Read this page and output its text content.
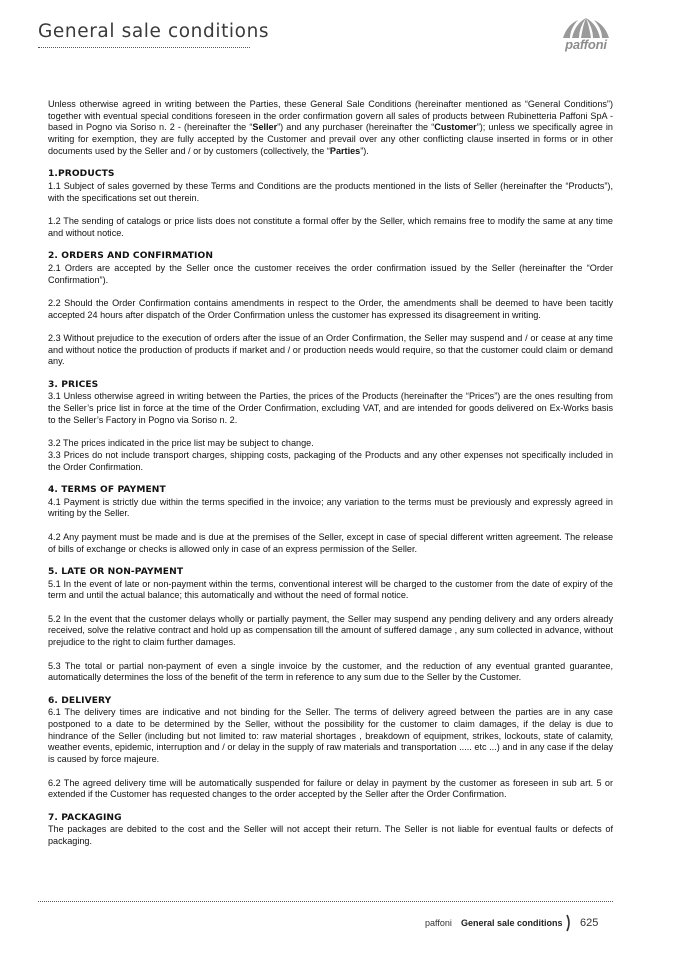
General sale conditions
paffoni

Unless otherwise agreed in writing between the Parties, these General Sale Conditions (hereinafter mentioned as “General Conditions”) together with eventual special conditions foreseen in the order confirmation govern all sales of products between Rubinetteria Paffoni SpA - based in Pogno via Soriso n. 2 - (hereinafter the “Seller”) and any purchaser (hereinafter the “Customer”); unless we specifically agree in writing for exemption, they are fully accepted by the Customer and prevail over any other conflicting clause inserted in forms or in other documents used by the Seller and / or by customers (collectively, the “Parties”).

1.PRODUCTS

1.1 Subject of sales governed by these Terms and Conditions are the products mentioned in the lists of Seller (hereinafter the “Products”), with the specifications set out therein.

1.2 The sending of catalogs or price lists does not constitute a formal offer by the Seller, which remains free to modify the same at any time and without notice.

2. ORDERS AND CONFIRMATION

2.1 Orders are accepted by the Seller once the customer receives the order confirmation issued by the Seller (hereinafter the “Order Confirmation”).

2.2 Should the Order Confirmation contains amendments in respect to the Order, the amendments shall be deemed to have been tacitly accepted 24 hours after dispatch of the Order Confirmation unless the customer has expressed its disagreement in writing.

2.3 Without prejudice to the execution of orders after the issue of an Order Confirmation, the Seller may suspend and / or cease at any time and without notice the production of products if market and / or production needs would require, so that the customer could claim or demand any.

3. PRICES

3.1 Unless otherwise agreed in writing between the Parties, the prices of the Products (hereinafter the “Prices”) are the ones resulting from the Seller’s price list in force at the time of the Order Confirmation, excluding VAT, and are intended for goods delivered on Ex-Works basis to the Seller’s Factory in Pogno via Soriso n. 2.

3.2 The prices indicated in the price list may be subject to change.

3.3 Prices do not include transport charges, shipping costs, packaging of the Products and any other expenses not specifically included in the Order Confirmation.

4. TERMS OF PAYMENT

4.1 Payment is strictly due within the terms specified in the invoice; any variation to the terms must be previously and expressly agreed in writing by the Seller.

4.2 Any payment must be made and is due at the premises of the Seller, except in case of special different written agreement. The release of bills of exchange or checks is allowed only in case of an express permission of the Seller.

5. LATE OR NON-PAYMENT

5.1 In the event of late or non-payment within the terms, conventional interest will be charged to the customer from the date of expiry of the term and until the actual balance; this automatically and without the need of formal notice.

5.2 In the event that the customer delays wholly or partially payment, the Seller may suspend any pending delivery and any orders already received, solve the relative contract and hold up as compensation till the amount of suffered damage , any sum collected in advance, without prejudice to the right to claim further damages.

5.3 The total or partial non-payment of even a single invoice by the customer, and the reduction of any eventual granted guarantee, automatically determines the loss of the benefit of the term in reference to any sum due to the Seller by the Customer.

6. DELIVERY

6.1 The delivery times are indicative and not binding for the Seller. The terms of delivery agreed between the parties are in any case postponed to a date to be determined by the Seller, without the possibility for the customer to claim damages, if the delay is due to hindrance of the Seller (including but not limited to: raw material shortages , breakdown of equipment, strikes, lockouts, state of calamity, weather events, epidemic, interruption and / or delay in the supply of raw materials and transportation ..... etc ...) and in any case if the delay is caused by force majeure.

6.2 The agreed delivery time will be automatically suspended for failure or delay in payment by the customer as foreseen in sub art. 5 or extended if the Customer has requested changes to the order accepted by the Seller after the Order Confirmation.

7. PACKAGING

The packages are debited to the cost and the Seller will not accept their return. The Seller is not liable for eventual faults or defects of packaging.

paffoni General sale conditions 625
